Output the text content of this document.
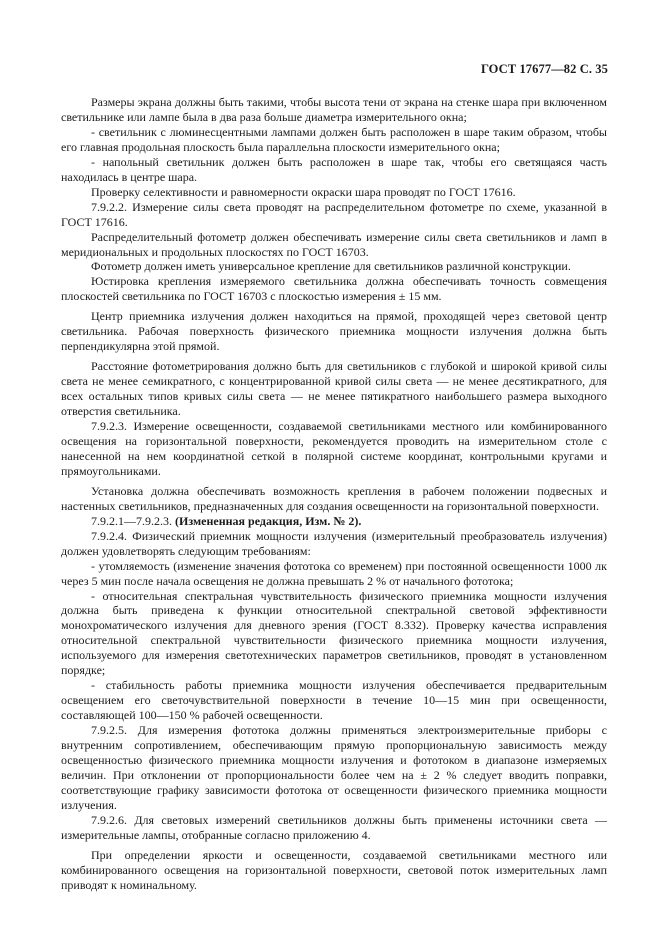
ГОСТ 17677—82 С. 35

Размеры экрана должны быть такими, чтобы высота тени от экрана на стенке шара при включенном светильнике или лампе была в два раза больше диаметра измерительного окна;

- светильник с люминесцентными лампами должен быть расположен в шаре таким образом, чтобы его главная продольная плоскость была параллельна плоскости измерительного окна;

- напольный светильник должен быть расположен в шаре так, чтобы его светящаяся часть находилась в центре шара.

Проверку селективности и равномерности окраски шара проводят по ГОСТ 17616.

7.9.2.2. Измерение силы света проводят на распределительном фотометре по схеме, указанной в ГОСТ 17616.

Распределительный фотометр должен обеспечивать измерение силы света светильников и ламп в меридиональных и продольных плоскостях по ГОСТ 16703.

Фотометр должен иметь универсальное крепление для светильников различной конструкции.

Юстировка крепления измеряемого светильника должна обеспечивать точность совмещения плоскостей светильника по ГОСТ 16703 с плоскостью измерения ± 15 мм.

Центр приемника излучения должен находиться на прямой, проходящей через световой центр светильника. Рабочая поверхность физического приемника мощности излучения должна быть перпендикулярна этой прямой.

Расстояние фотометрирования должно быть для светильников с глубокой и широкой кривой силы света не менее семикратного, с концентрированной кривой силы света — не менее десятикратного, для всех остальных типов кривых силы света — не менее пятикратного наибольшего размера выходного отверстия светильника.

7.9.2.3. Измерение освещенности, создаваемой светильниками местного или комбинированного освещения на горизонтальной поверхности, рекомендуется проводить на измерительном столе с нанесенной на нем координатной сеткой в полярной системе координат, контрольными кругами и прямоугольниками.

Установка должна обеспечивать возможность крепления в рабочем положении подвесных и настенных светильников, предназначенных для создания освещенности на горизонтальной поверхности.

7.9.2.1—7.9.2.3. (Измененная редакция, Изм. № 2).

7.9.2.4. Физический приемник мощности излучения (измерительный преобразователь излучения) должен удовлетворять следующим требованиям:

- утомляемость (изменение значения фототока со временем) при постоянной освещенности 1000 лк через 5 мин после начала освещения не должна превышать 2 % от начального фототока;

- относительная спектральная чувствительность физического приемника мощности излучения должна быть приведена к функции относительной спектральной световой эффективности монохроматического излучения для дневного зрения (ГОСТ 8.332). Проверку качества исправления относительной спектральной чувствительности физического приемника мощности излучения, используемого для измерения светотехнических параметров светильников, проводят в установленном порядке;

- стабильность работы приемника мощности излучения обеспечивается предварительным освещением его светочувствительной поверхности в течение 10—15 мин при освещенности, составляющей 100—150 % рабочей освещенности.

7.9.2.5. Для измерения фототока должны применяться электроизмерительные приборы с внутренним сопротивлением, обеспечивающим прямую пропорциональную зависимость между освещенностью физического приемника мощности излучения и фототоком в диапазоне измеряемых величин. При отклонении от пропорциональности более чем на ± 2 % следует вводить поправки, соответствующие графику зависимости фототока от освещенности физического приемника мощности излучения.

7.9.2.6. Для световых измерений светильников должны быть применены источники света — измерительные лампы, отобранные согласно приложению 4.

При определении яркости и освещенности, создаваемой светильниками местного или комбинированного освещения на горизонтальной поверхности, световой поток измерительных ламп приводят к номинальному.
